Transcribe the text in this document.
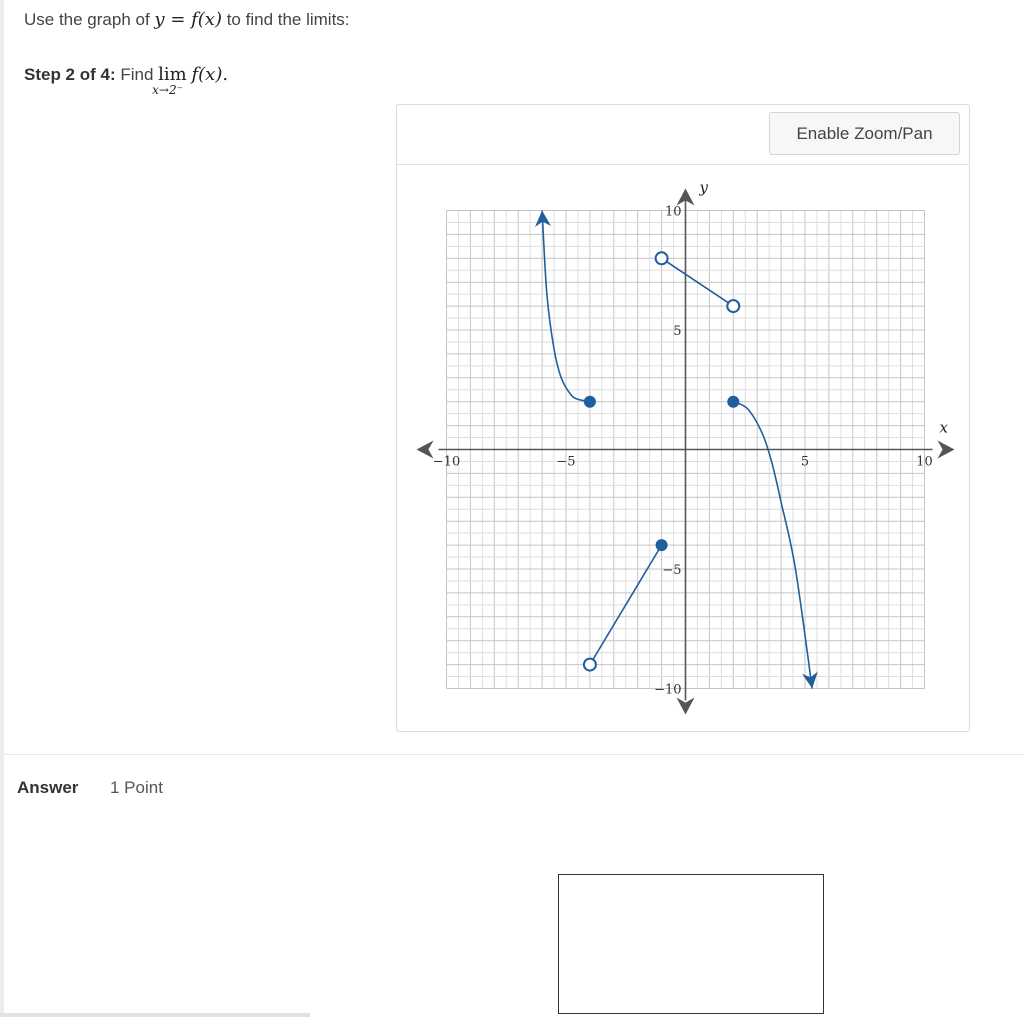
Use the graph of y = f(x) to find the limits:
Step 2 of 4: Find lim
x→2⁻
f(x).
Enable Zoom/Pan
x
y
−10	−5	5	10
10
5
−5
−10
Answer 1 Point
